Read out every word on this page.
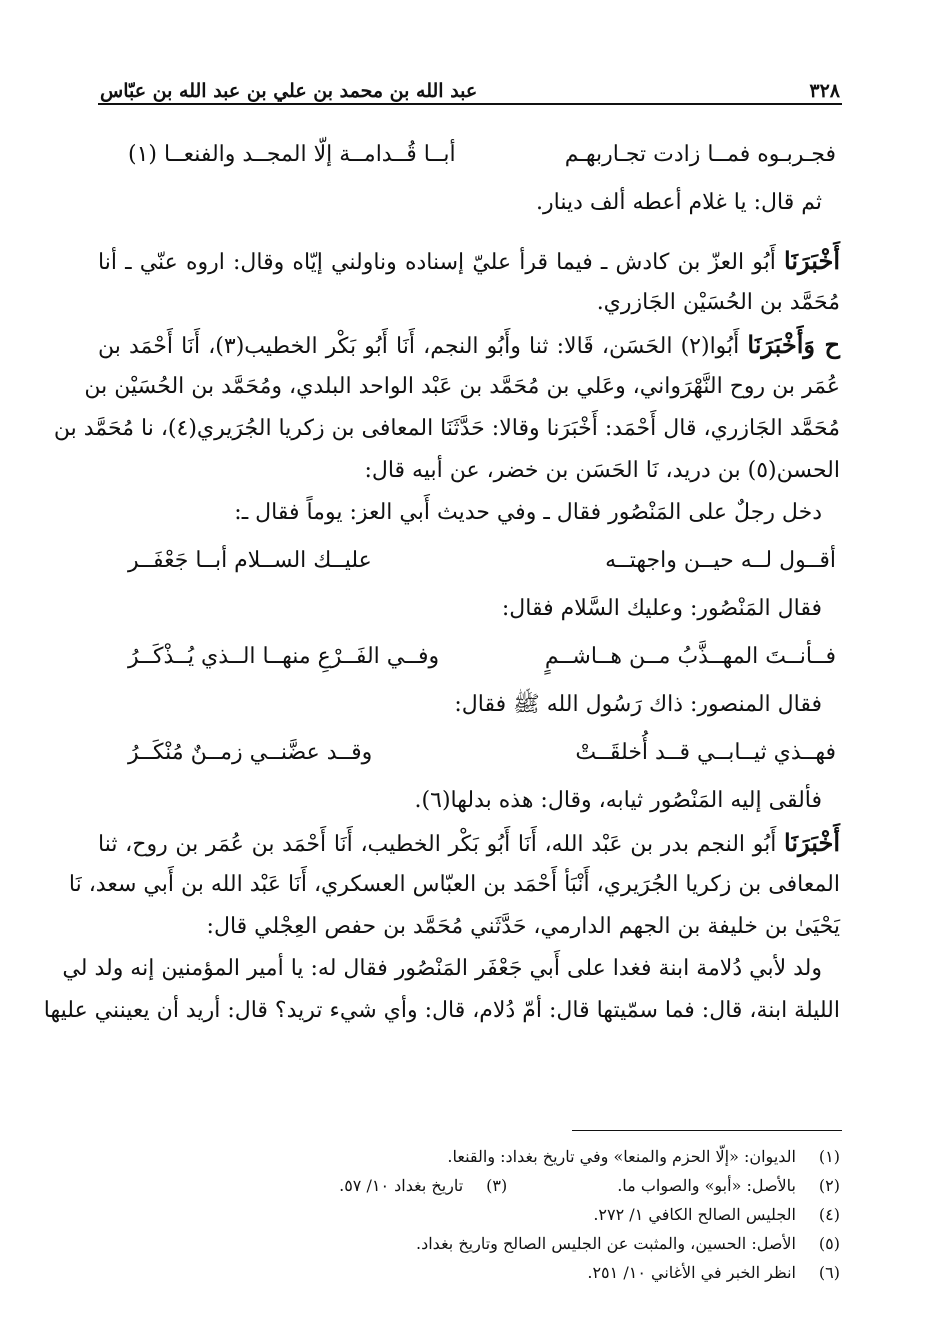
٣٢٨
عبد الله بن محمد بن علي بن عبد الله بن عبّاس
فجـربـوه فمــا زادت تجـاربهـم
أبــا قُــدامــة إلّا المجــد والفنعــا (١)
ثم قال: يا غلام أعطه ألف دينار.
أَخْبَرَنَا أَبُو العزّ بن كادش ـ فيما قرأ عليّ إسناده وناولني إيّاه وقال: اروه عنّي ـ أنا
مُحَمَّد بن الحُسَيْن الجَازري.
ح وَأَخْبَرَنَا أَبُوا(٢) الحَسَن، قَالا: ثنا وأَبُو النجم، أَنَا أَبُو بَكْر الخطيب(٣)، أَنَا أَحْمَد بن
عُمَر بن روح النَّهْرَواني، وعَلي بن مُحَمَّد بن عَبْد الواحد البلدي، ومُحَمَّد بن الحُسَيْن بن
مُحَمَّد الجَازري، قال أَحْمَد: أَخْبَرَنا وقالا: حَدَّثَنَا المعافى بن زكريا الجُرَيري(٤)، نا مُحَمَّد بن
الحسن(٥) بن دريد، نَا الحَسَن بن خضر، عن أبيه قال:
دخل رجلٌ على المَنْصُور فقال ـ وفي حديث أَبي العز: يوماً فقال ـ:
أقــول لــه حيــن واجهتــه
عليــك الســلام أبــا جَعْفَــر
فقال المَنْصُور: وعليك السَّلام فقال:
فــأنــتَ المهــذَّبُ مــن هــاشــمٍ
وفــي الفَــرْعِ منهــا الــذي يُــذْكَــرُ
فقال المنصور: ذاك رَسُول الله ﷺ فقال:
فهــذي ثيــابــي قــد أُخلقَــتْ
وقــد عضَّنــي زمــنٌ مُنْكَــرُ
فألقى إليه المَنْصُور ثيابه، وقال: هذه بدلها(٦).
أَخْبَرَنَا أَبُو النجم بدر بن عَبْد الله، أَنَا أَبُو بَكْر الخطيب، أَنَا أَحْمَد بن عُمَر بن روح، ثنا
المعافى بن زكريا الجُرَيري، أَنْبَأ أَحْمَد بن العبّاس العسكري، أَنَا عَبْد الله بن أَبي سعد، نَا
يَحْيَىٰ بن خليفة بن الجهم الدارمي، حَدَّثَني مُحَمَّد بن حفص العِجْلي قال:
ولد لأبي دُلامة ابنة فغدا على أَبي جَعْفَر المَنْصُور فقال له: يا أمير المؤمنين إنه ولد لي
الليلة ابنة، قال: فما سمّيتها قال: أمّ دُلام، قال: وأي شيء تريد؟ قال: أريد أن يعينني عليها
(١)
الديوان: «إلّا الحزم والمنعا» وفي تاريخ بغداد: والقنعا.
(٢)
بالأصل: «أبو» والصواب ما.
(٣)
تاريخ بغداد ١٠/ ٥٧.
(٤)
الجليس الصالح الكافي ١/ ٢٧٢.
(٥)
الأصل: الحسين، والمثبت عن الجليس الصالح وتاريخ بغداد.
(٦)
انظر الخبر في الأغاني ١٠/ ٢٥١.
